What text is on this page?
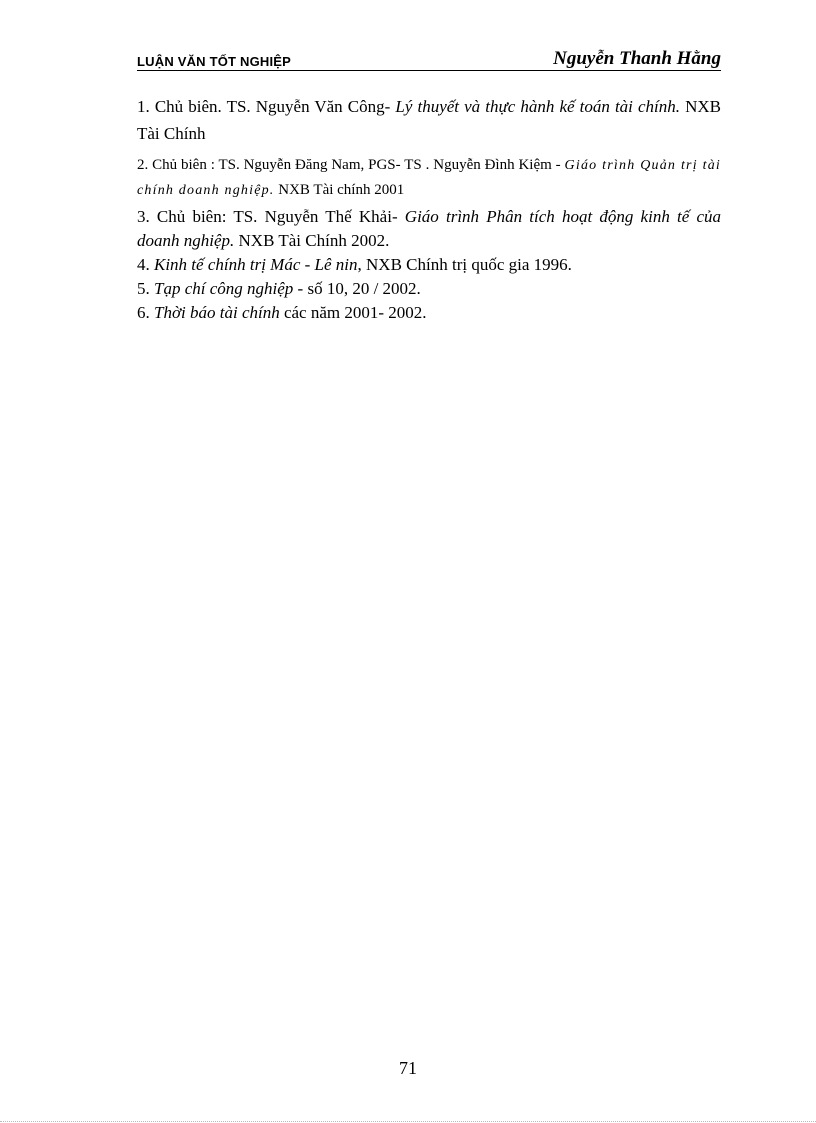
LUẬN VĂN TỐT NGHIỆP	Nguyễn Thanh Hằng

1. Chủ biên. TS. Nguyễn Văn Công- Lý thuyết và thực hành kế toán tài chính. NXB Tài Chính

2. Chủ biên : TS. Nguyễn Đăng Nam, PGS- TS . Nguyễn Đình Kiệm - Giáo trình Quản trị tài chính doanh nghiệp. NXB Tài chính 2001

3. Chủ biên: TS. Nguyễn Thế Khải- Giáo trình Phân tích hoạt động kinh tế của doanh nghiệp. NXB Tài Chính 2002.

4. Kinh tế chính trị Mác - Lê nin, NXB Chính trị quốc gia 1996.

5. Tạp chí công nghiệp - số 10, 20 / 2002.

6. Thời báo tài chính các năm 2001- 2002.

71
